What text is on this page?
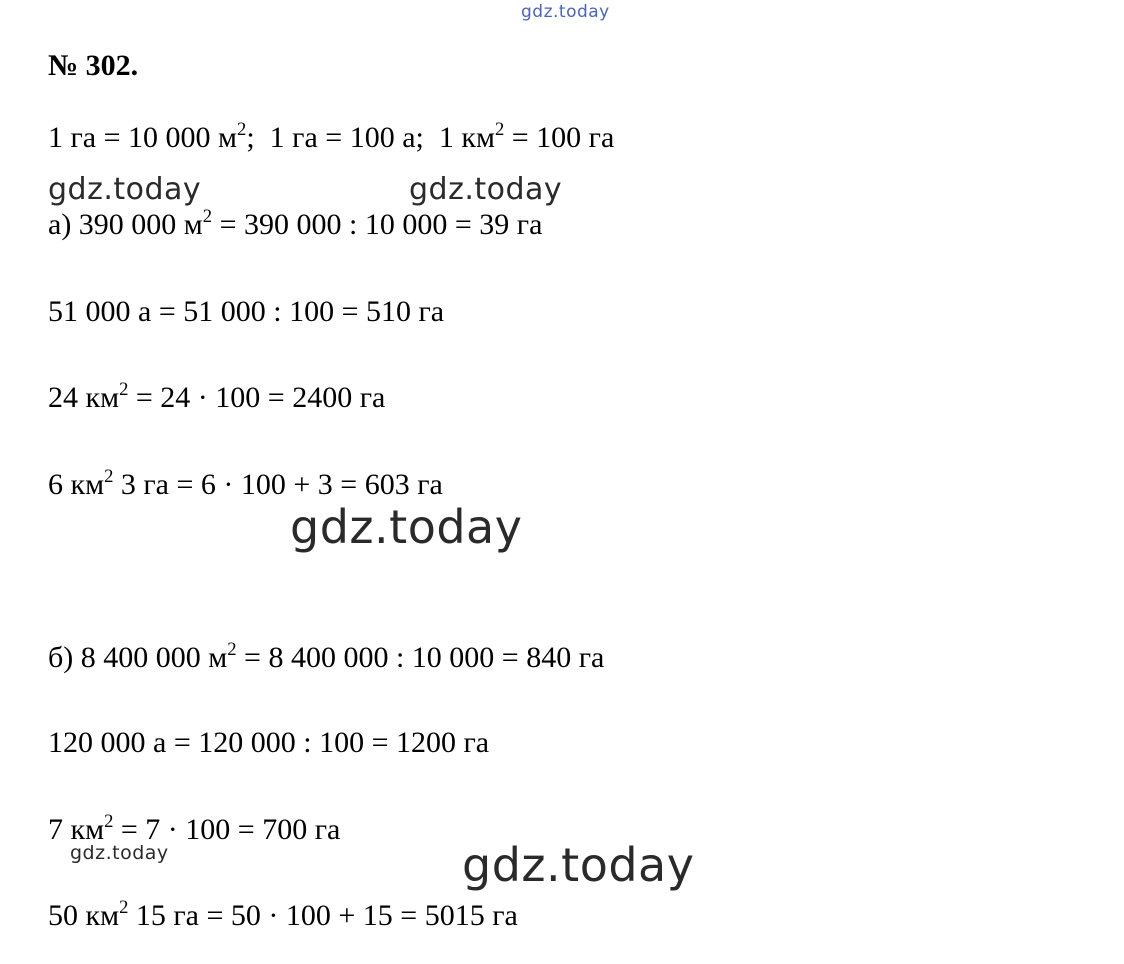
gdz.today
gdz.today	gdz.today
gdz.today
gdz.today	gdz.today
№ 302.
1 га = 10 000 $м^2$; 1 га = 100 а; 1 $км^2 = 100$ га
а) 390 000 $м^2 = 390$ 000 : 10 000 = 39 га
51 000 а = 51 000 : 100 = 510 га
24 $км^2 = 24 \cdot 100 = 2400$ га
6 $км^2$ 3 га = 6 · 100 + 3 = 603 га
б) 8 400 000 $м^2 = 8$ 400 000 : 10 000 = 840 га
120 000 а = 120 000 : 100 = 1200 га
7 $км^2 = 7 \cdot 100 = 700$ га
50 $км^2$ 15 га = 50 · 100 + 15 = 5015 га
